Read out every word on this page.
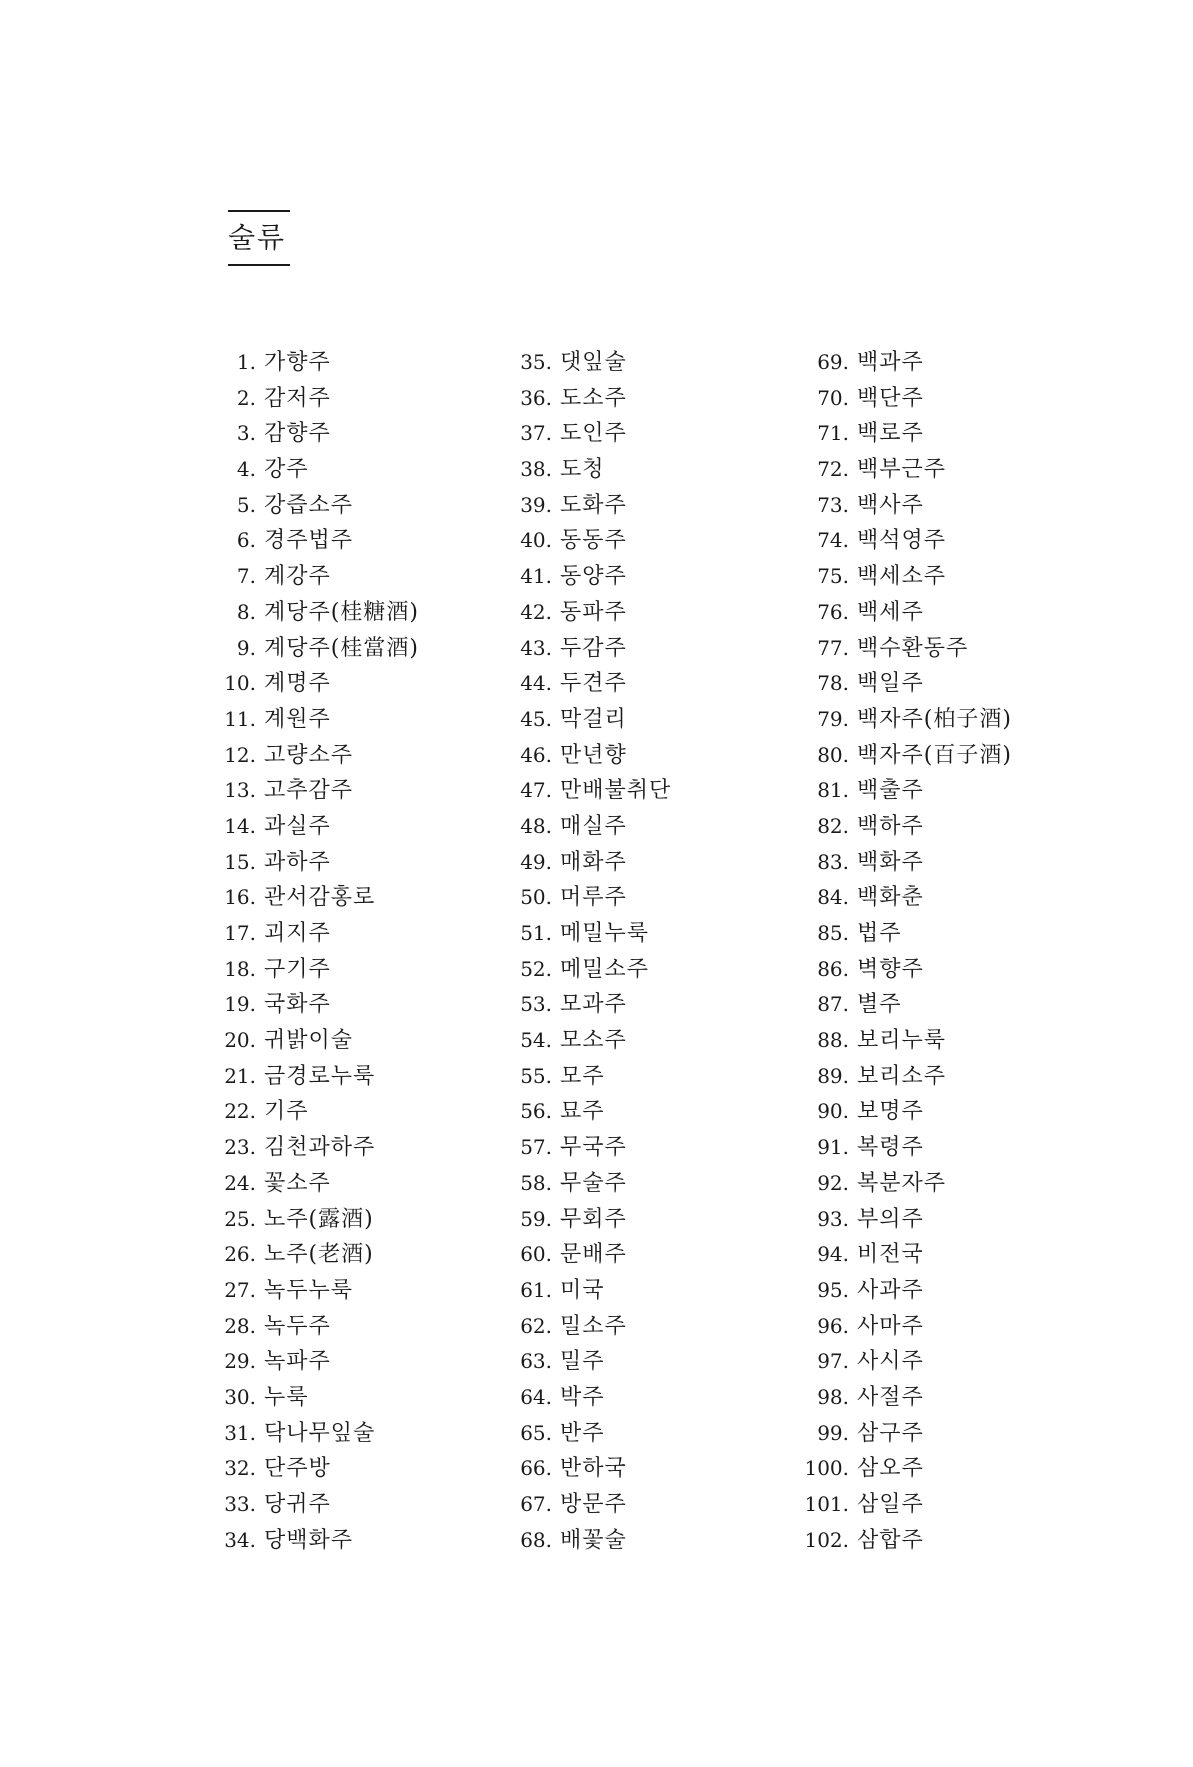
술류
1. 가향주
2. 감저주
3. 감향주
4. 강주
5. 강즙소주
6. 경주법주
7. 계강주
8. 계당주(桂糖酒)
9. 계당주(桂當酒)
10. 계명주
11. 계원주
12. 고량소주
13. 고추감주
14. 과실주
15. 과하주
16. 관서감홍로
17. 괴지주
18. 구기주
19. 국화주
20. 귀밝이술
21. 금경로누룩
22. 기주
23. 김천과하주
24. 꽃소주
25. 노주(露酒)
26. 노주(老酒)
27. 녹두누룩
28. 녹두주
29. 녹파주
30. 누룩
31. 닥나무잎술
32. 단주방
33. 당귀주
34. 당백화주
35. 댓잎술
36. 도소주
37. 도인주
38. 도청
39. 도화주
40. 동동주
41. 동양주
42. 동파주
43. 두감주
44. 두견주
45. 막걸리
46. 만년향
47. 만배불취단
48. 매실주
49. 매화주
50. 머루주
51. 메밀누룩
52. 메밀소주
53. 모과주
54. 모소주
55. 모주
56. 묘주
57. 무국주
58. 무술주
59. 무회주
60. 문배주
61. 미국
62. 밀소주
63. 밀주
64. 박주
65. 반주
66. 반하국
67. 방문주
68. 배꽃술
69. 백과주
70. 백단주
71. 백로주
72. 백부근주
73. 백사주
74. 백석영주
75. 백세소주
76. 백세주
77. 백수환동주
78. 백일주
79. 백자주(柏子酒)
80. 백자주(百子酒)
81. 백출주
82. 백하주
83. 백화주
84. 백화춘
85. 법주
86. 벽향주
87. 별주
88. 보리누룩
89. 보리소주
90. 보명주
91. 복령주
92. 복분자주
93. 부의주
94. 비전국
95. 사과주
96. 사마주
97. 사시주
98. 사절주
99. 삼구주
100. 삼오주
101. 삼일주
102. 삼합주
